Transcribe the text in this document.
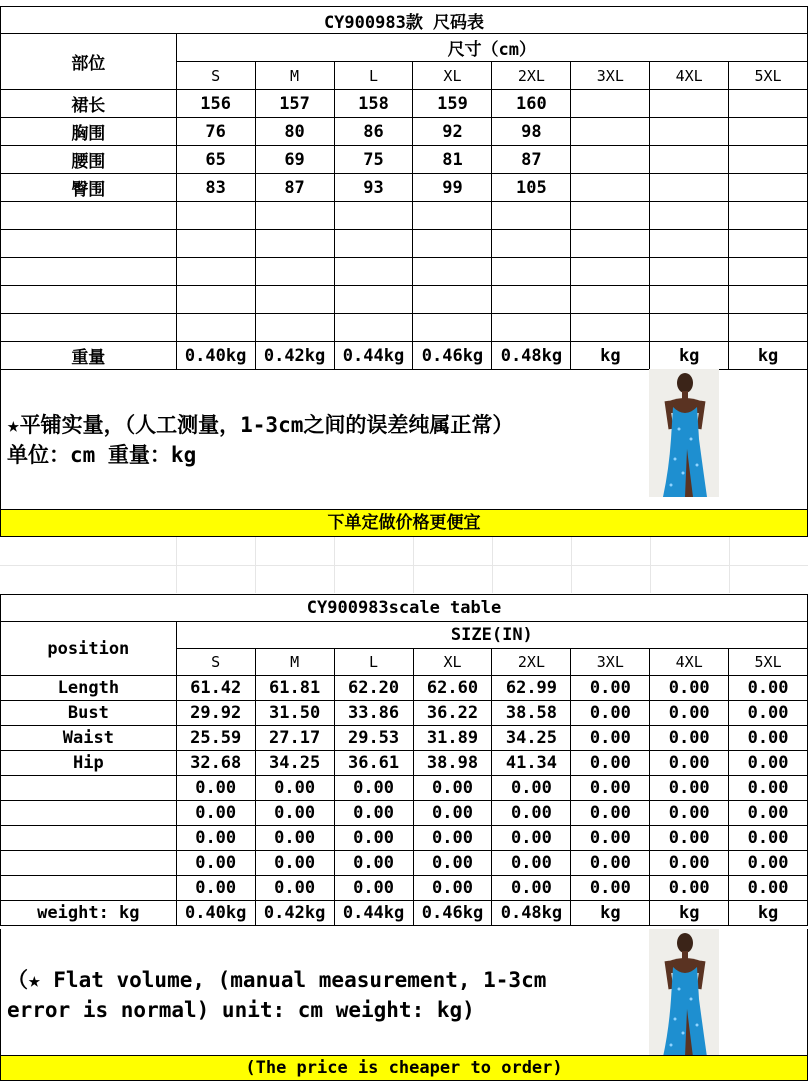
CY900983款 尺码表								
部位	尺寸（cm）							
	S	M	L	XL	2XL	3XL	4XL	5XL
裙长	156	157	158	159	160			
胸围	76	80	86	92	98			
腰围	65	69	75	81	87			
臀围	83	87	93	99	105			

重量	0.40kg	0.42kg	0.44kg	0.46kg	0.48kg	kg	kg	kg
★平铺实量，（人工测量，1-3cm之间的误差纯属正常）
单位：cm 重量：kg
下单定做价格更便宜
CY900983scale table								
position	SIZE(IN)							
	S	M	L	XL	2XL	3XL	4XL	5XL
Length	61.42	61.81	62.20	62.60	62.99	0.00	0.00	0.00
Bust	29.92	31.50	33.86	36.22	38.58	0.00	0.00	0.00
Waist	25.59	27.17	29.53	31.89	34.25	0.00	0.00	0.00
Hip	32.68	34.25	36.61	38.98	41.34	0.00	0.00	0.00
	0.00	0.00	0.00	0.00	0.00	0.00	0.00	0.00
	0.00	0.00	0.00	0.00	0.00	0.00	0.00	0.00
	0.00	0.00	0.00	0.00	0.00	0.00	0.00	0.00
	0.00	0.00	0.00	0.00	0.00	0.00	0.00	0.00
	0.00	0.00	0.00	0.00	0.00	0.00	0.00	0.00
weight: kg	0.40kg	0.42kg	0.44kg	0.46kg	0.48kg	kg	kg	kg
（★ Flat volume, (manual measurement, 1-3cm
error is normal) unit: cm weight: kg)
(The price is cheaper to order)
